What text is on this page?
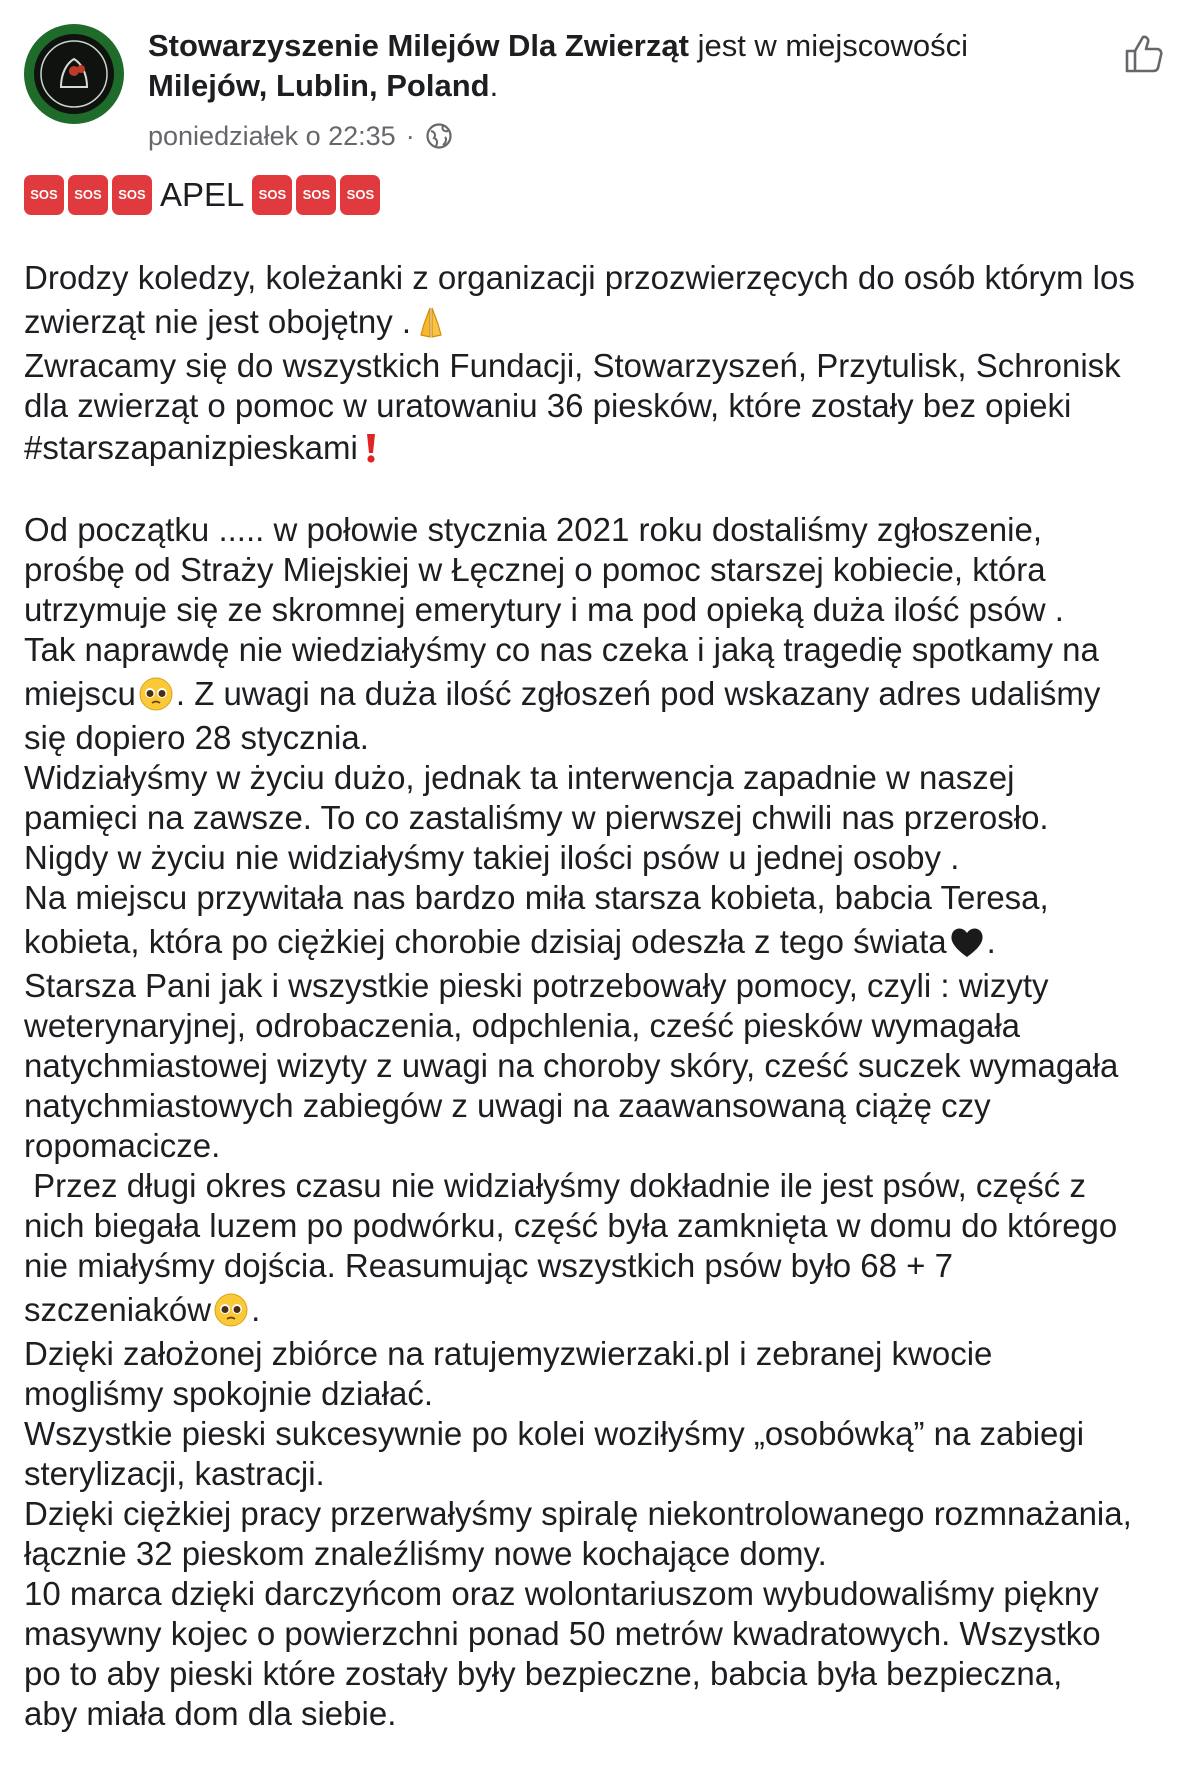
Stowarzyszenie Milejów Dla Zwierząt jest w miejscowości
Milejów, Lublin, Poland.
poniedziałek o 22:35 ·
SOS	SOS	SOS APEL	SOS	SOS	SOS
Drodzy koledzy, koleżanki z organizacji przozwierzęcych do osób którym los
zwierząt nie jest obojętny .
Zwracamy się do wszystkich Fundacji, Stowarzyszeń, Przytulisk, Schronisk
dla zwierząt o pomoc w uratowaniu 36 piesków, które zostały bez opieki
#starszapanizpieskami
Od początku ..... w połowie stycznia 2021 roku dostaliśmy zgłoszenie,
prośbę od Straży Miejskiej w Łęcznej o pomoc starszej kobiecie, która
utrzymuje się ze skromnej emerytury i ma pod opieką duża ilość psów .
Tak naprawdę nie wiedziałyśmy co nas czeka i jaką tragedię spotkamy na
miejscu . Z uwagi na duża ilość zgłoszeń pod wskazany adres udaliśmy
się dopiero 28 stycznia.
Widziałyśmy w życiu dużo, jednak ta interwencja zapadnie w naszej
pamięci na zawsze. To co zastaliśmy w pierwszej chwili nas przerosło.
Nigdy w życiu nie widziałyśmy takiej ilości psów u jednej osoby .
Na miejscu przywitała nas bardzo miła starsza kobieta, babcia Teresa,
kobieta, która po ciężkiej chorobie dzisiaj odeszła z tego świata .
Starsza Pani jak i wszystkie pieski potrzebowały pomocy, czyli : wizyty
weterynaryjnej, odrobaczenia, odpchlenia, cześć piesków wymagała
natychmiastowej wizyty z uwagi na choroby skóry, cześć suczek wymagała
natychmiastowych zabiegów z uwagi na zaawansowaną ciążę czy
ropomacicze.
Przez długi okres czasu nie widziałyśmy dokładnie ile jest psów, część z
nich biegała luzem po podwórku, część była zamknięta w domu do którego
nie miałyśmy dojścia. Reasumując wszystkich psów było 68 + 7
szczeniaków .
Dzięki założonej zbiórce na ratujemyzwierzaki.pl i zebranej kwocie
mogliśmy spokojnie działać.
Wszystkie pieski sukcesywnie po kolei woziłyśmy „osobówką” na zabiegi
sterylizacji, kastracji.
Dzięki ciężkiej pracy przerwałyśmy spiralę niekontrolowanego rozmnażania,
łącznie 32 pieskom znaleźliśmy nowe kochające domy.
10 marca dzięki darczyńcom oraz wolontariuszom wybudowaliśmy piękny
masywny kojec o powierzchni ponad 50 metrów kwadratowych. Wszystko
po to aby pieski które zostały były bezpieczne, babcia była bezpieczna,
aby miała dom dla siebie.
